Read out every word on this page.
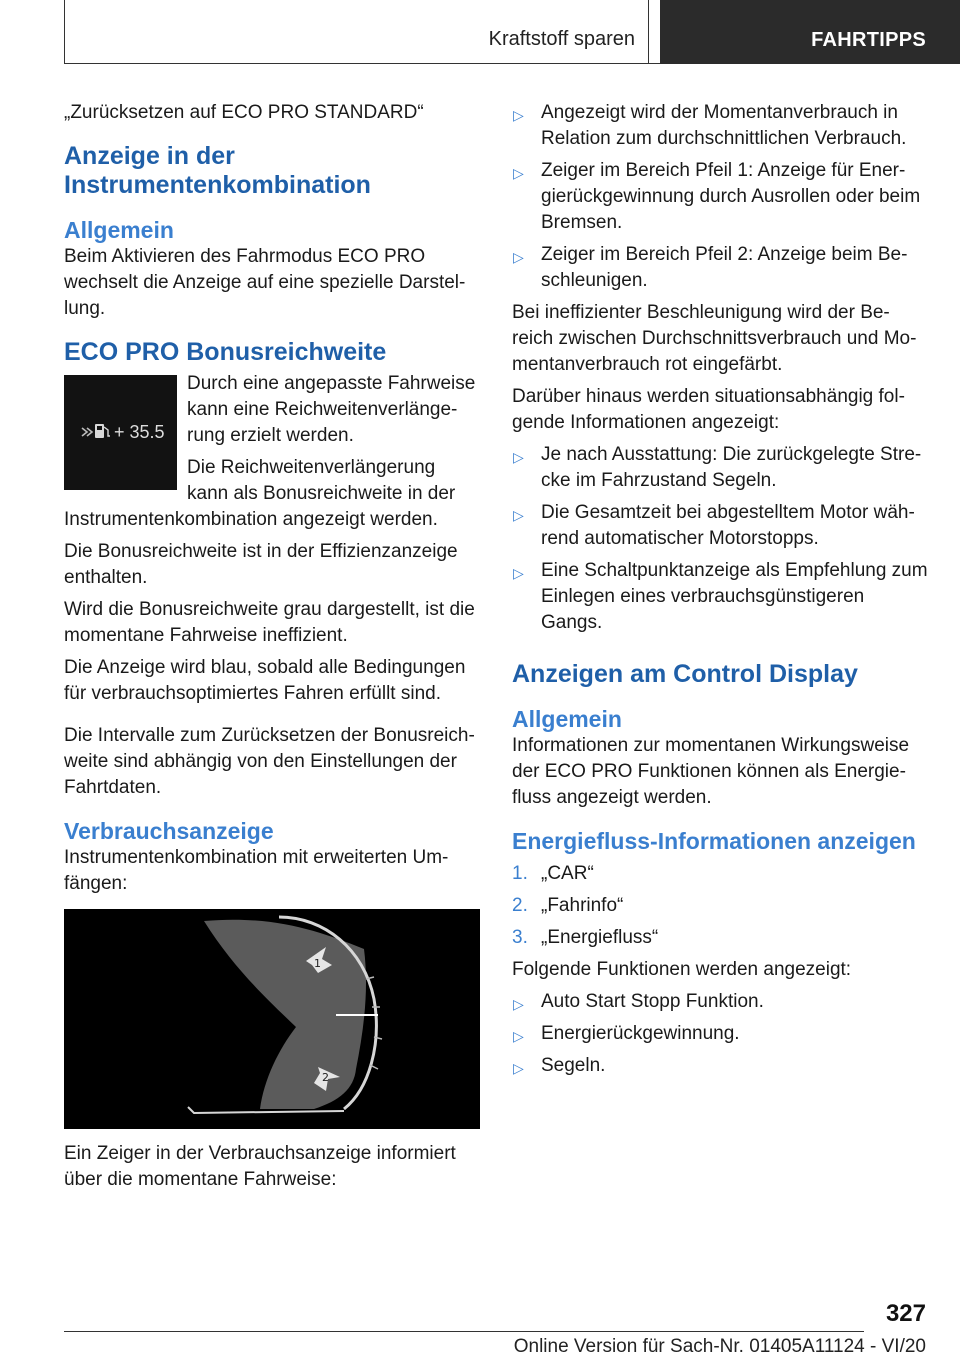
Kraftstoff sparen	FAHRTIPPS
„Zurücksetzen auf ECO PRO STANDARD“
Anzeige in der Instrumentenkombination
Allgemein
Beim Aktivieren des Fahrmodus ECO PRO wechselt die Anzeige auf eine spezielle Darstel-lung.
ECO PRO Bonusreichweite
+ 35.5
Durch eine angepasste Fahrweise kann eine Reichweitenverlänge-rung erzielt werden.
Die Reichweitenverlängerung kann als Bonusreichweite in der Instrumentenkombination angezeigt werden.
Die Bonusreichweite ist in der Effizienzanzeige enthalten.
Wird die Bonusreichweite grau dargestellt, ist die momentane Fahrweise ineffizient.
Die Anzeige wird blau, sobald alle Bedingungen für verbrauchsoptimiertes Fahren erfüllt sind.
Die Intervalle zum Zurücksetzen der Bonusreich-weite sind abhängig von den Einstellungen der Fahrtdaten.
Verbrauchsanzeige
Instrumentenkombination mit erweiterten Um-fängen:
1
2
Ein Zeiger in der Verbrauchsanzeige informiert über die momentane Fahrweise:
▷ Angezeigt wird der Momentanverbrauch in Relation zum durchschnittlichen Verbrauch.
▷ Zeiger im Bereich Pfeil 1: Anzeige für Ener-gierückgewinnung durch Ausrollen oder beim Bremsen.
▷ Zeiger im Bereich Pfeil 2: Anzeige beim Be-schleunigen.
Bei ineffizienter Beschleunigung wird der Be-reich zwischen Durchschnittsverbrauch und Mo-mentanverbrauch rot eingefärbt.
Darüber hinaus werden situationsabhängig fol-gende Informationen angezeigt:
▷ Je nach Ausstattung: Die zurückgelegte Stre-cke im Fahrzustand Segeln.
▷ Die Gesamtzeit bei abgestelltem Motor wäh-rend automatischer Motorstopps.
▷ Eine Schaltpunktanzeige als Empfehlung zum Einlegen eines verbrauchsgünstigeren Gangs.
Anzeigen am Control Display
Allgemein
Informationen zur momentanen Wirkungsweise der ECO PRO Funktionen können als Energie-fluss angezeigt werden.
Energiefluss-Informationen anzeigen
1. „CAR“
2. „Fahrinfo“
3. „Energiefluss“
Folgende Funktionen werden angezeigt:
▷ Auto Start Stopp Funktion.
▷ Energierückgewinnung.
▷ Segeln.
327
Online Version für Sach-Nr. 01405A11124 - VI/20
